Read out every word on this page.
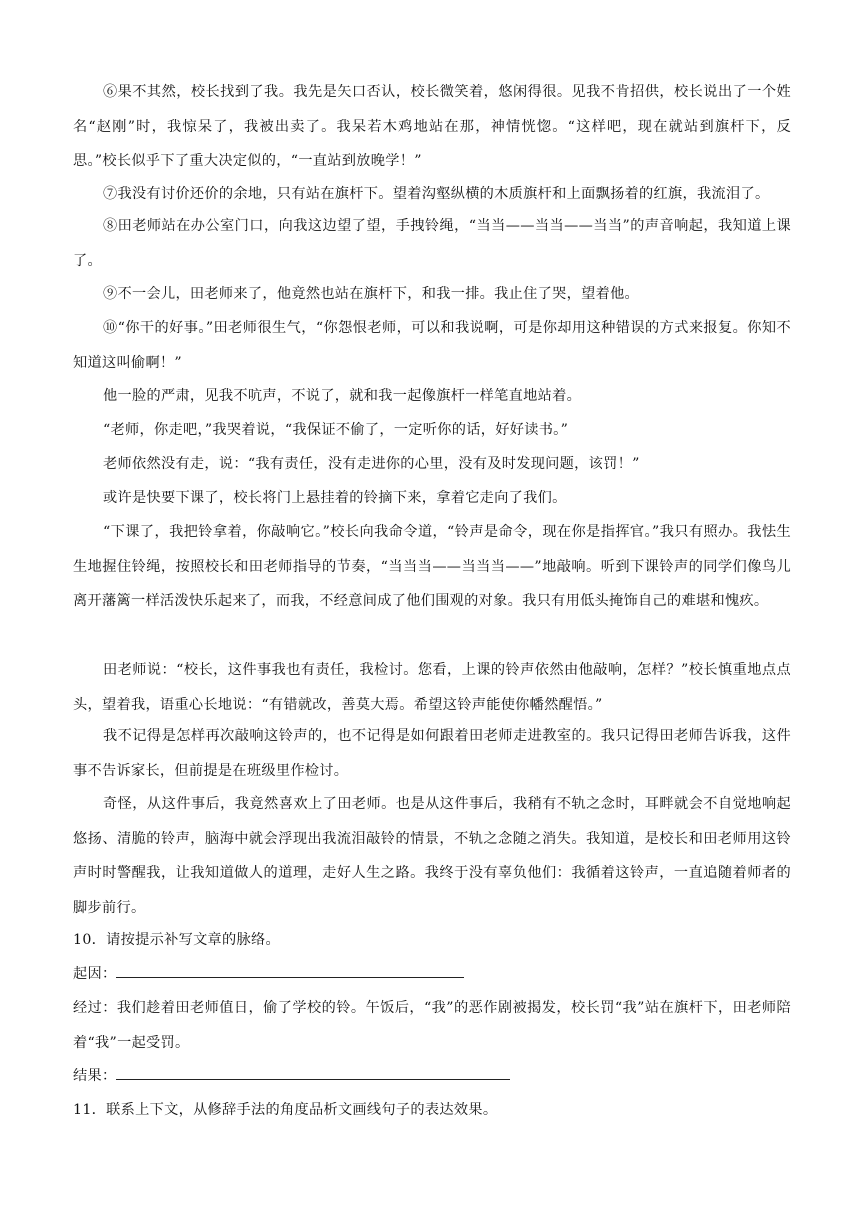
⑥果不其然，校长找到了我。我先是矢口否认，校长微笑着，悠闲得很。见我不肯招供，校长说出了一个姓名“赵刚”时，我惊呆了，我被出卖了。我呆若木鸡地站在那，神情恍惚。“这样吧，现在就站到旗杆下，反思。”校长似乎下了重大决定似的，“一直站到放晚学！”

⑦我没有讨价还价的余地，只有站在旗杆下。望着沟壑纵横的木质旗杆和上面飘扬着的红旗，我流泪了。

⑧田老师站在办公室门口，向我这边望了望，手拽铃绳，“当当——当当——当当”的声音响起，我知道上课了。

⑨不一会儿，田老师来了，他竟然也站在旗杆下，和我一排。我止住了哭，望着他。

⑩“你干的好事。”田老师很生气，“你怨恨老师，可以和我说啊，可是你却用这种错误的方式来报复。你知不知道这叫偷啊！”

他一脸的严肃，见我不吭声，不说了，就和我一起像旗杆一样笔直地站着。

“老师，你走吧，”我哭着说，“我保证不偷了，一定听你的话，好好读书。”

老师依然没有走，说：“我有责任，没有走进你的心里，没有及时发现问题，该罚！”

或许是快要下课了，校长将门上悬挂着的铃摘下来，拿着它走向了我们。

“下课了，我把铃拿着，你敲响它。”校长向我命令道，“铃声是命令，现在你是指挥官。”我只有照办。我怯生生地握住铃绳，按照校长和田老师指导的节奏，“当当当——当当当——”地敲响。听到下课铃声的同学们像鸟儿离开藩篱一样活泼快乐起来了，而我，不经意间成了他们围观的对象。我只有用低头掩饰自己的难堪和愧疚。

田老师说：“校长，这件事我也有责任，我检讨。您看，上课的铃声依然由他敲响，怎样？”校长慎重地点点头，望着我，语重心长地说：“有错就改，善莫大焉。希望这铃声能使你幡然醒悟。”

我不记得是怎样再次敲响这铃声的，也不记得是如何跟着田老师走进教室的。我只记得田老师告诉我，这件事不告诉家长，但前提是在班级里作检讨。

奇怪，从这件事后，我竟然喜欢上了田老师。也是从这件事后，我稍有不轨之念时，耳畔就会不自觉地响起悠扬、清脆的铃声，脑海中就会浮现出我流泪敲铃的情景，不轨之念随之消失。我知道，是校长和田老师用这铃声时时警醒我，让我知道做人的道理，走好人生之路。我终于没有辜负他们：我循着这铃声，一直追随着师者的脚步前行。

10．请按提示补写文章的脉络。

起因：
经过：我们趁着田老师值日，偷了学校的铃。午饭后，“我”的恶作剧被揭发，校长罚“我”站在旗杆下，田老师陪着“我”一起受罚。
结果：

11．联系上下文，从修辞手法的角度品析文画线句子的表达效果。
